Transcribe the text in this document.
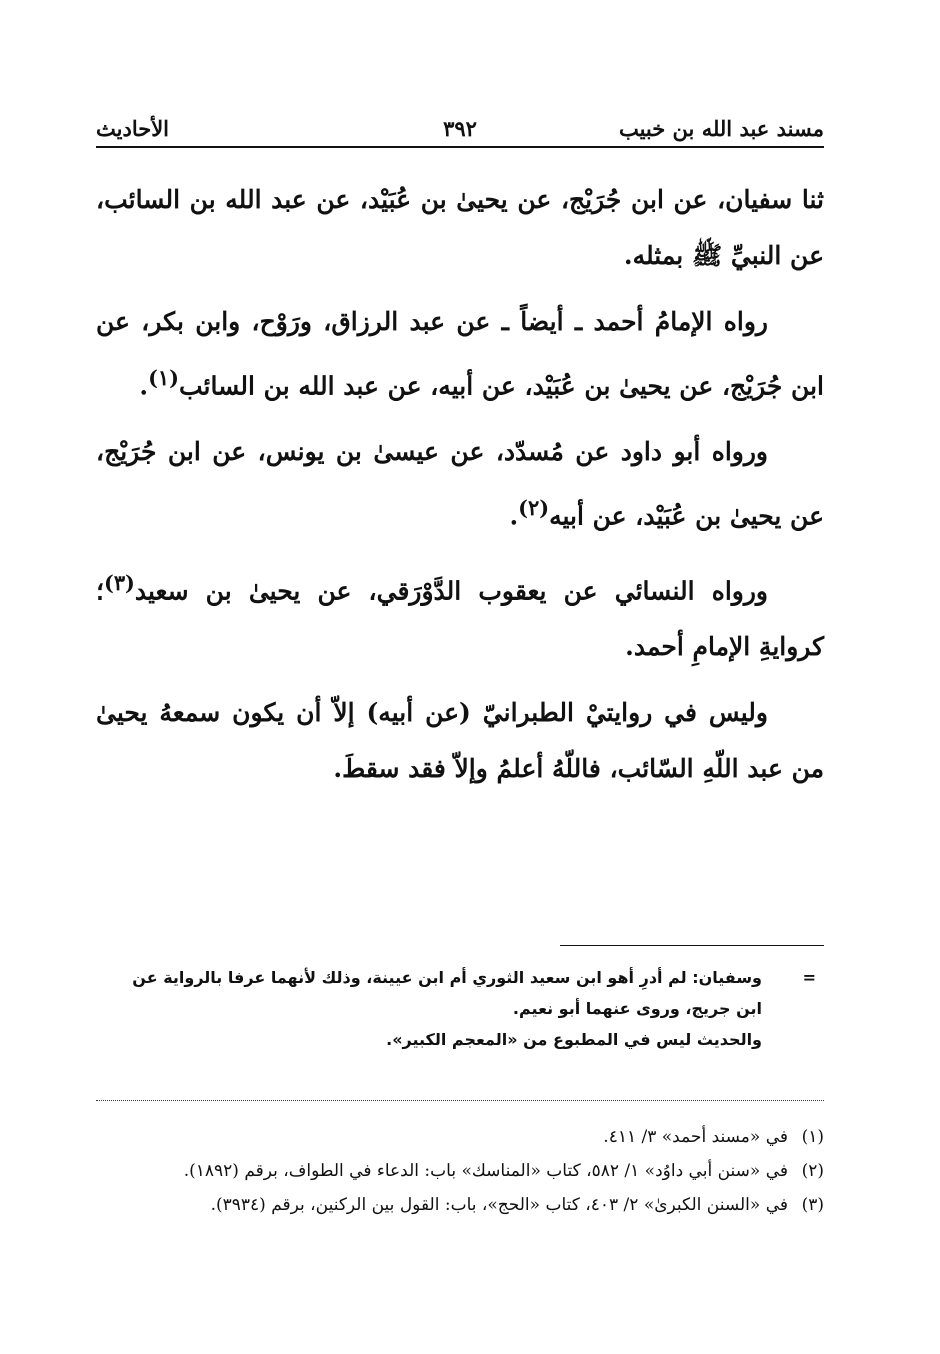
مسند عبد الله بن خبيب
٣٩٢
الأحاديث

ثنا سفيان، عن ابن جُرَيْج، عن يحيىٰ بن عُبَيْد، عن عبد الله بن السائب، عن النبيِّ ﷺ بمثله.

رواه الإمامُ أحمد ـ أيضاً ـ عن عبد الرزاق، ورَوْح، وابن بكر، عن ابن جُرَيْج، عن يحيىٰ بن عُبَيْد، عن أبيه، عن عبد الله بن السائب$^{(١)}$.

ورواه أبو داود عن مُسدّد، عن عيسىٰ بن يونس، عن ابن جُرَيْج، عن يحيىٰ بن عُبَيْد، عن أبيه$^{(٢)}$.

ورواه النسائي عن يعقوب الدَّوْرَقي، عن يحيىٰ بن سعيد$^{(٣)}$؛ كروايةِ الإمامِ أحمد.

وليس في روايتيْ الطبرانيّ (عن أبيه) إلاّ أن يكون سمعهُ يحيىٰ من عبد اللّهِ السّائب، فاللّهُ أعلمُ وإلاّ فقد سقطَ.

=
وسفيان: لم أدرِ أهو ابن سعيد الثوري أم ابن عيينة، وذلك لأنهما عرفا بالرواية عن
ابن جريج، وروى عنهما أبو نعيم.
والحديث ليس في المطبوع من «المعجم الكبير».
(١)
في «مسند أحمد» ٣/ ٤١١.
(٢)
في «سنن أبي داوُد» ١/ ٥٨٢، كتاب «المناسك» باب: الدعاء في الطواف، برقم (١٨٩٢).
(٣)
في «السنن الكبرىٰ» ٢/ ٤٠٣، كتاب «الحج»، باب: القول بين الركنين، برقم (٣٩٣٤).
